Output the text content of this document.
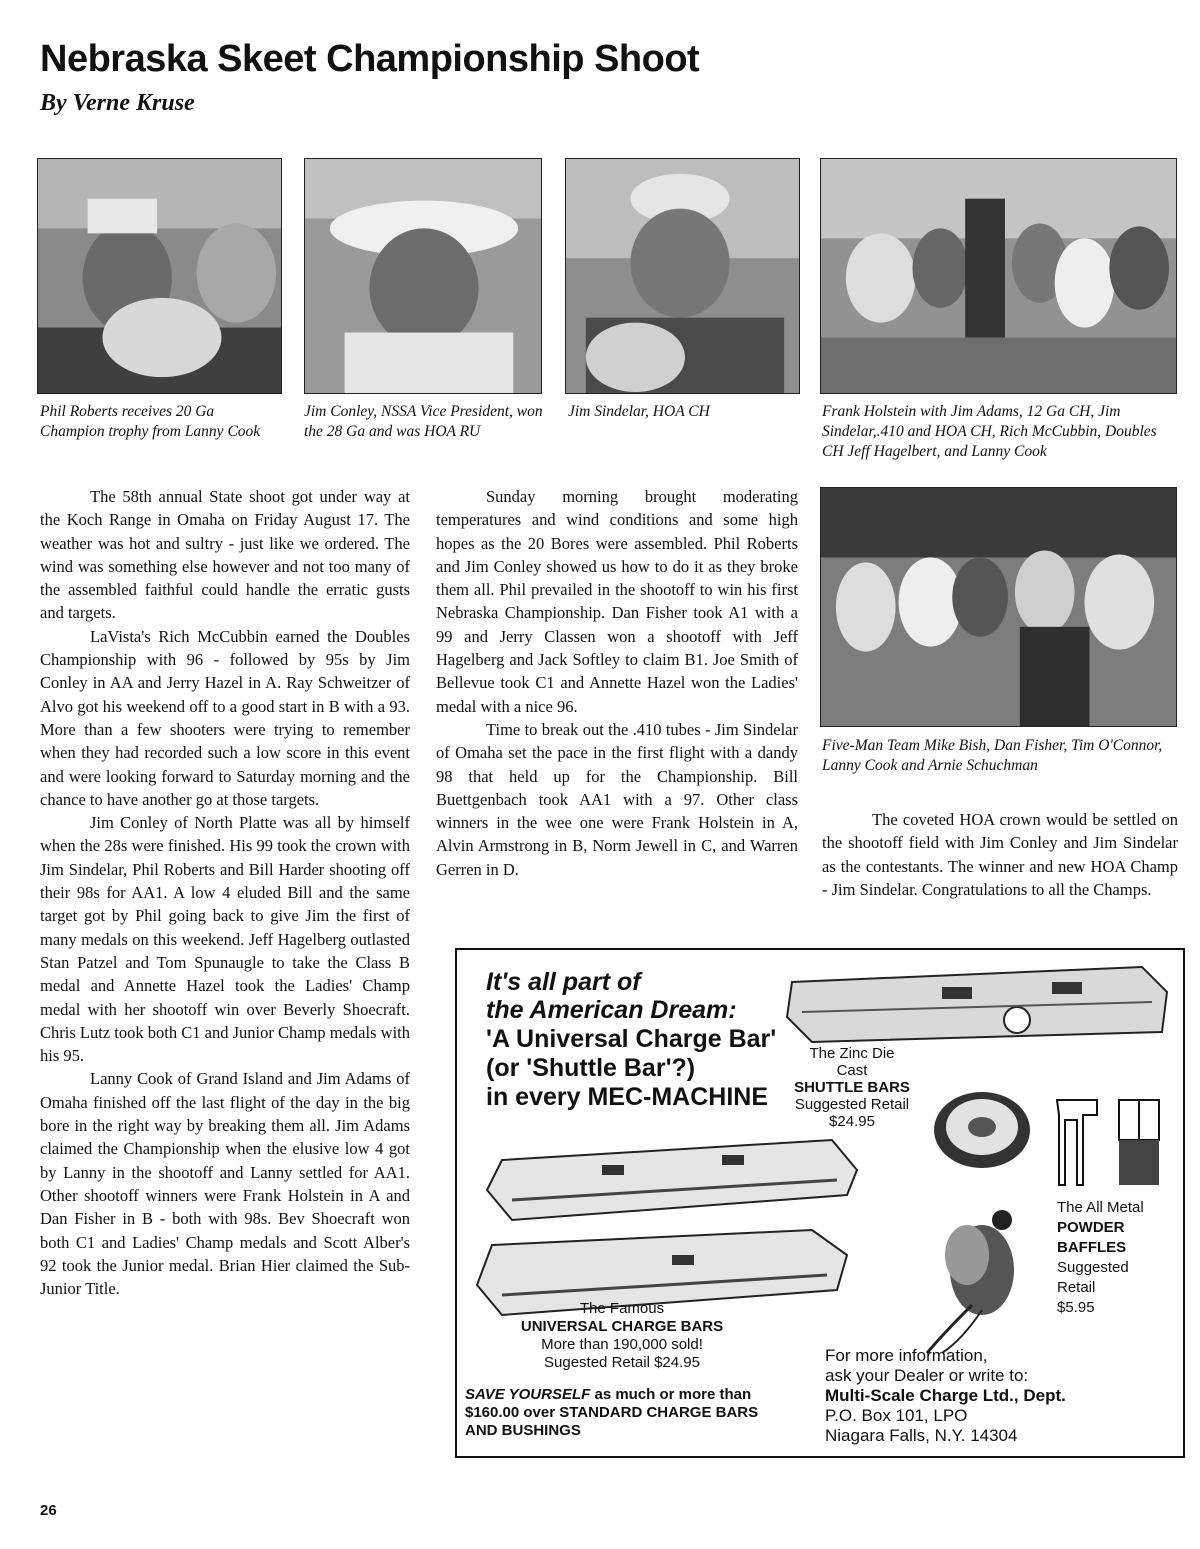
Nebraska Skeet Championship Shoot
By Verne Kruse
Phil Roberts receives 20 Ga Champion trophy from Lanny Cook
Jim Conley, NSSA Vice President, won the 28 Ga and was HOA RU
Jim Sindelar, HOA CH	Frank Holstein with Jim Adams, 12 Ga CH, Jim Sindelar,.410 and HOA CH, Rich McCubbin, Doubles CH Jeff Hagelbert, and Lanny Cook
Five-Man Team Mike Bish, Dan Fisher, Tim O'Connor, Lanny Cook and Arnie Schuchman

The 58th annual State shoot got under way at the Koch Range in Omaha on Friday August 17. The weather was hot and sultry - just like we ordered. The wind was something else however and not too many of the assembled faithful could handle the erratic gusts and targets.

LaVista's Rich McCubbin earned the Doubles Championship with 96 - followed by 95s by Jim Conley in AA and Jerry Hazel in A. Ray Schweitzer of Alvo got his weekend off to a good start in B with a 93. More than a few shooters were trying to remember when they had recorded such a low score in this event and were looking forward to Saturday morning and the chance to have another go at those targets.

Jim Conley of North Platte was all by himself when the 28s were finished. His 99 took the crown with Jim Sindelar, Phil Roberts and Bill Harder shooting off their 98s for AA1. A low 4 eluded Bill and the same target got by Phil going back to give Jim the first of many medals on this weekend. Jeff Hagelberg outlasted Stan Patzel and Tom Spunaugle to take the Class B medal and Annette Hazel took the Ladies' Champ medal with her shootoff win over Beverly Shoecraft. Chris Lutz took both C1 and Junior Champ medals with his 95.

Lanny Cook of Grand Island and Jim Adams of Omaha finished off the last flight of the day in the big bore in the right way by breaking them all. Jim Adams claimed the Championship when the elusive low 4 got by Lanny in the shootoff and Lanny settled for AA1. Other shootoff winners were Frank Holstein in A and Dan Fisher in B - both with 98s. Bev Shoecraft won both C1 and Ladies' Champ medals and Scott Alber's 92 took the Junior medal. Brian Hier claimed the Sub-Junior Title.

Sunday morning brought moderating temperatures and wind conditions and some high hopes as the 20 Bores were assembled. Phil Roberts and Jim Conley showed us how to do it as they broke them all. Phil prevailed in the shootoff to win his first Nebraska Championship. Dan Fisher took A1 with a 99 and Jerry Classen won a shootoff with Jeff Hagelberg and Jack Softley to claim B1. Joe Smith of Bellevue took C1 and Annette Hazel won the Ladies' medal with a nice 96.

Time to break out the .410 tubes - Jim Sindelar of Omaha set the pace in the first flight with a dandy 98 that held up for the Championship. Bill Buettgenbach took AA1 with a 97. Other class winners in the wee one were Frank Holstein in A, Alvin Armstrong in B, Norm Jewell in C, and Warren Gerren in D.

The coveted HOA crown would be settled on the shootoff field with Jim Conley and Jim Sindelar as the contestants. The winner and new HOA Champ - Jim Sindelar. Congratulations to all the Champs.

It's all part of
the American Dream:
'A Universal Charge Bar'
(or 'Shuttle Bar'?)
in every MEC-MACHINE
The Zinc Die
Cast
SHUTTLE BARS
Suggested Retail
$24.95
The All Metal
POWDER
BAFFLES
Suggested
Retail
$5.95
The Famous
UNIVERSAL CHARGE BARS
More than 190,000 sold!
Sugested Retail $24.95
SAVE YOURSELF as much or more than
$160.00 over STANDARD CHARGE BARS
AND BUSHINGS
For more information,
ask your Dealer or write to:
Multi-Scale Charge Ltd., Dept.
P.O. Box 101, LPO
Niagara Falls, N.Y. 14304
26
